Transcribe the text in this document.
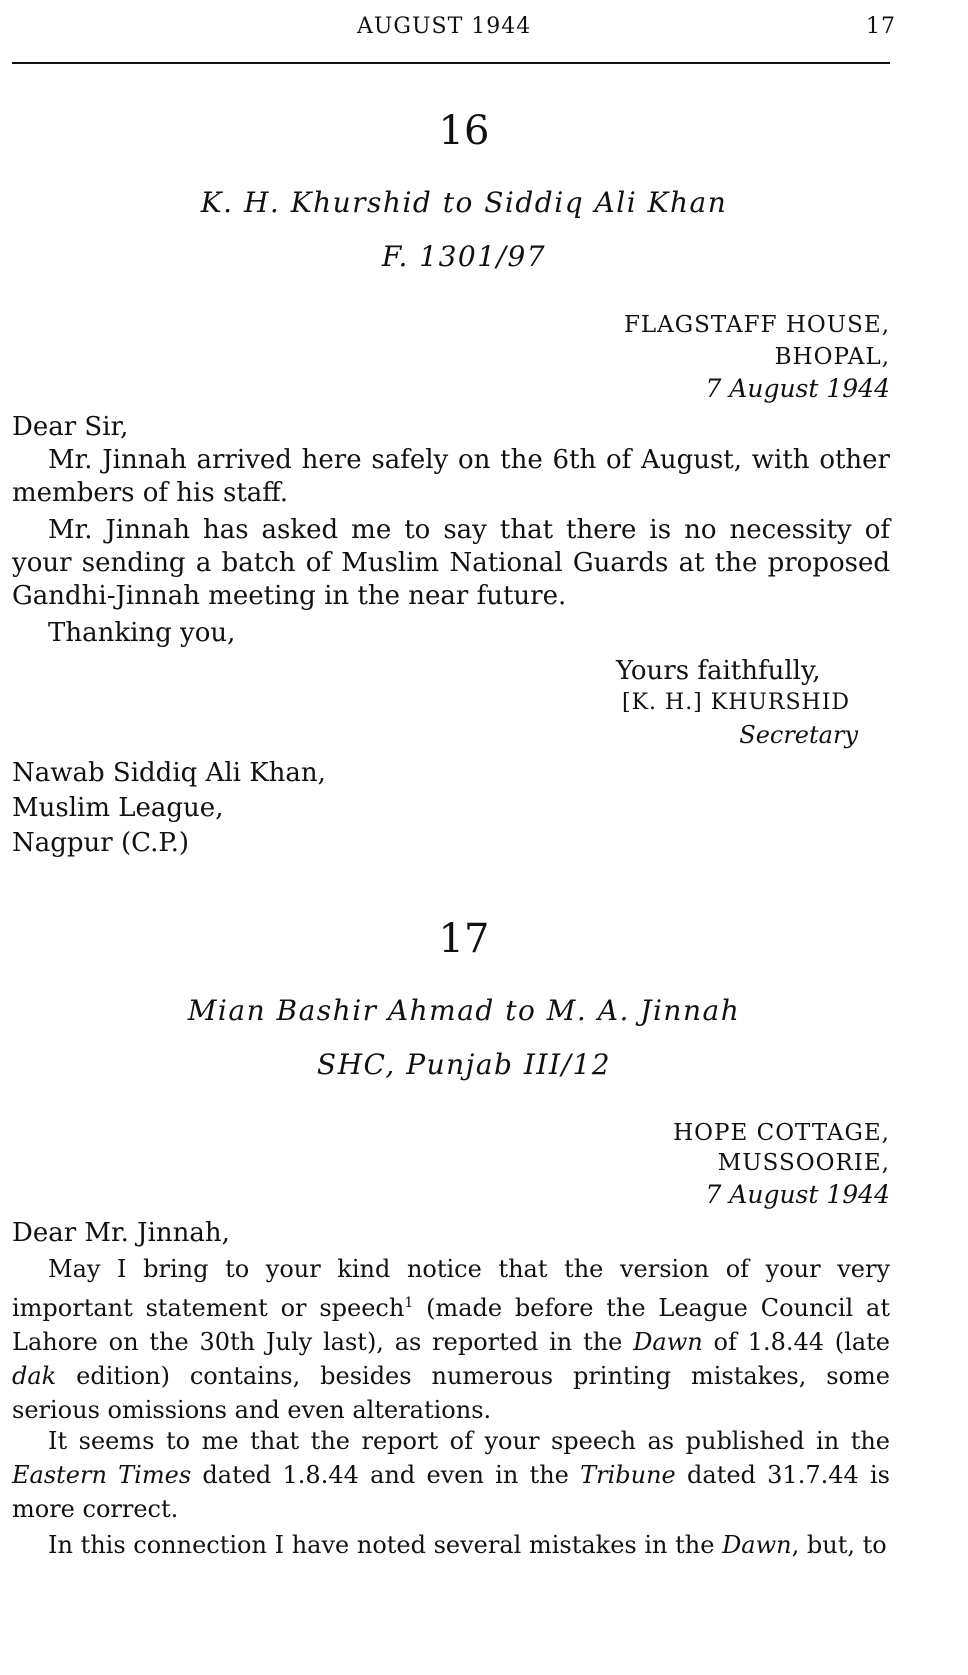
AUGUST 1944	17
16
K. H. Khurshid to Siddiq Ali Khan
F. 1301/97
FLAGSTAFF HOUSE,
BHOPAL,
7 August 1944
Dear Sir,
Mr. Jinnah arrived here safely on the 6th of August, with other members of his staff.
Mr. Jinnah has asked me to say that there is no necessity of your sending a batch of Muslim National Guards at the proposed Gandhi-Jinnah meeting in the near future.
Thanking you,
Yours faithfully,
[K. H.] KHURSHID
Secretary
Nawab Siddiq Ali Khan,
Muslim League,
Nagpur (C.P.)
17
Mian Bashir Ahmad to M. A. Jinnah
SHC, Punjab III/12
HOPE COTTAGE,
MUSSOORIE,
7 August 1944
Dear Mr. Jinnah,
May I bring to your kind notice that the version of your very important statement or speech$^1$ (made before the League Council at Lahore on the 30th July last), as reported in the Dawn of 1.8.44 (late dak edition) contains, besides numerous printing mistakes, some serious omissions and even alterations.
It seems to me that the report of your speech as published in the Eastern Times dated 1.8.44 and even in the Tribune dated 31.7.44 is more correct.
In this connection I have noted several mistakes in the Dawn, but, to
